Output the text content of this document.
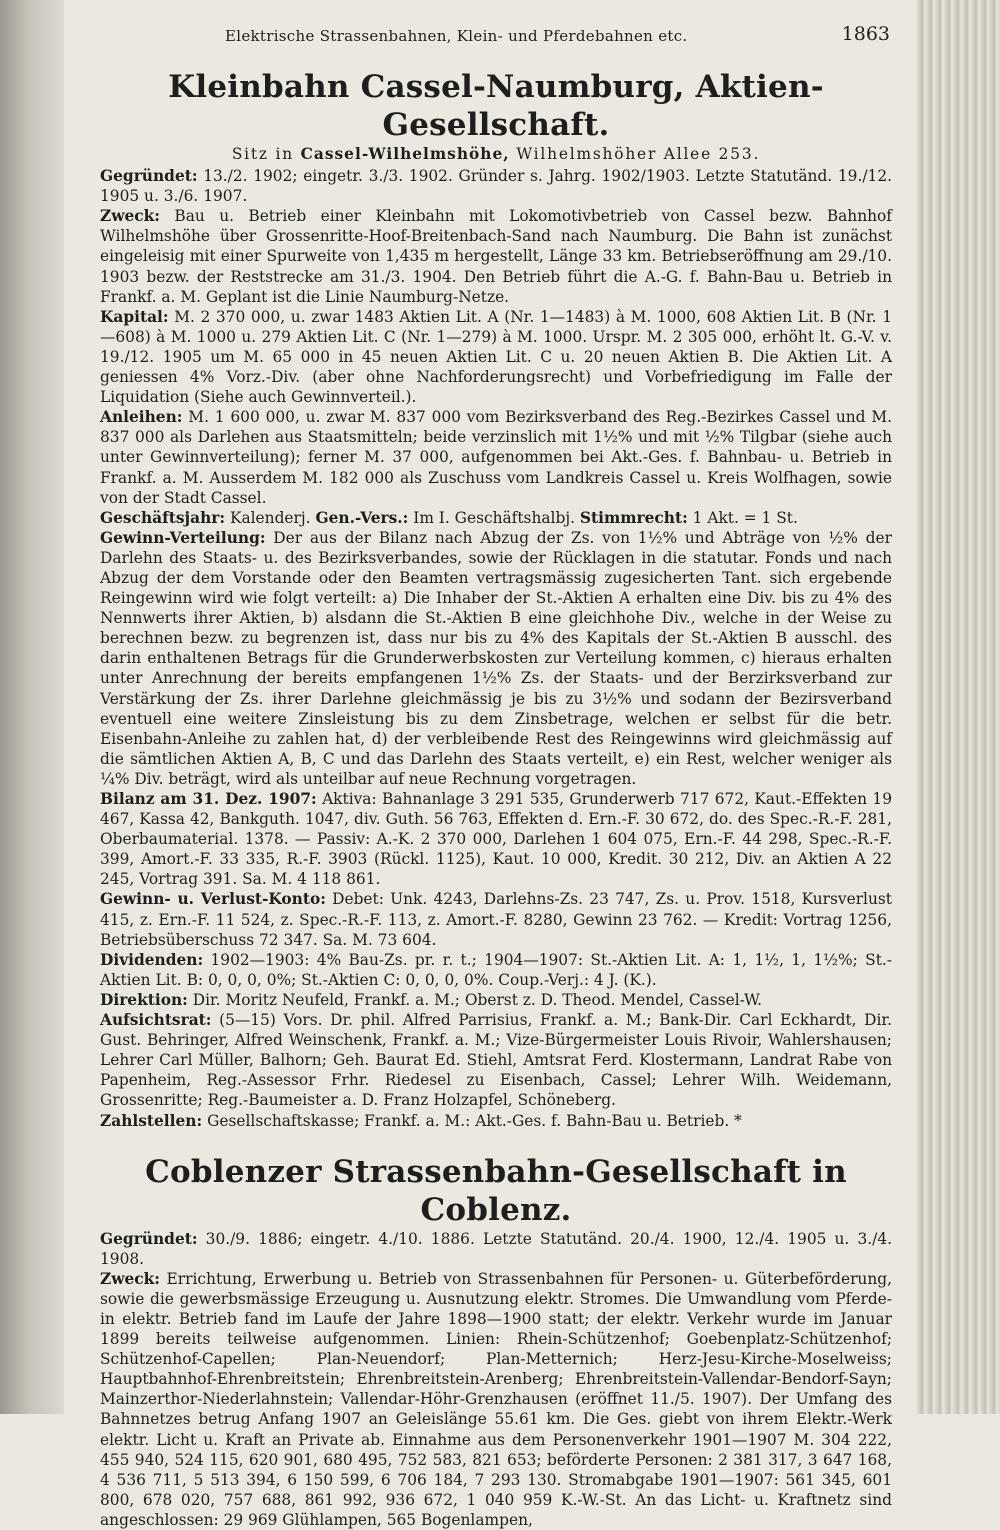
Elektrische Strassenbahnen, Klein- und Pferdebahnen etc.	1863
Kleinbahn Cassel-Naumburg, Aktien-Gesellschaft.
Sitz in Cassel-Wilhelmshöhe, Wilhelmshöher Allee 253.

Gegründet: 13./2. 1902; eingetr. 3./3. 1902. Gründer s. Jahrg. 1902/1903. Letzte Statutänd. 19./12. 1905 u. 3./6. 1907.

Zweck: Bau u. Betrieb einer Kleinbahn mit Lokomotivbetrieb von Cassel bezw. Bahnhof Wilhelmshöhe über Grossenritte-Hoof-Breitenbach-Sand nach Naumburg. Die Bahn ist zunächst eingeleisig mit einer Spurweite von 1,435 m hergestellt, Länge 33 km. Betriebseröffnung am 29./10. 1903 bezw. der Reststrecke am 31./3. 1904. Den Betrieb führt die A.-G. f. Bahn-Bau u. Betrieb in Frankf. a. M. Geplant ist die Linie Naumburg-Netze.

Kapital: M. 2 370 000, u. zwar 1483 Aktien Lit. A (Nr. 1—1483) à M. 1000, 608 Aktien Lit. B (Nr. 1—608) à M. 1000 u. 279 Aktien Lit. C (Nr. 1—279) à M. 1000. Urspr. M. 2 305 000, erhöht lt. G.-V. v. 19./12. 1905 um M. 65 000 in 45 neuen Aktien Lit. C u. 20 neuen Aktien B. Die Aktien Lit. A geniessen 4% Vorz.-Div. (aber ohne Nachforderungsrecht) und Vorbefriedigung im Falle der Liquidation (Siehe auch Gewinnverteil.).

Anleihen: M. 1 600 000, u. zwar M. 837 000 vom Bezirksverband des Reg.-Bezirkes Cassel und M. 837 000 als Darlehen aus Staatsmitteln; beide verzinslich mit 1½% und mit ½% Tilgbar (siehe auch unter Gewinnverteilung); ferner M. 37 000, aufgenommen bei Akt.-Ges. f. Bahnbau- u. Betrieb in Frankf. a. M. Ausserdem M. 182 000 als Zuschuss vom Landkreis Cassel u. Kreis Wolfhagen, sowie von der Stadt Cassel.

Geschäftsjahr: Kalenderj. Gen.-Vers.: Im I. Geschäftshalbj. Stimmrecht: 1 Akt. = 1 St.

Gewinn-Verteilung: Der aus der Bilanz nach Abzug der Zs. von 1½% und Abträge von ½% der Darlehn des Staats- u. des Bezirksverbandes, sowie der Rücklagen in die statutar. Fonds und nach Abzug der dem Vorstande oder den Beamten vertragsmässig zugesicherten Tant. sich ergebende Reingewinn wird wie folgt verteilt: a) Die Inhaber der St.-Aktien A erhalten eine Div. bis zu 4% des Nennwerts ihrer Aktien, b) alsdann die St.-Aktien B eine gleichhohe Div., welche in der Weise zu berechnen bezw. zu begrenzen ist, dass nur bis zu 4% des Kapitals der St.-Aktien B ausschl. des darin enthaltenen Betrags für die Grunderwerbskosten zur Verteilung kommen, c) hieraus erhalten unter Anrechnung der bereits empfangenen 1½% Zs. der Staats- und der Berzirksverband zur Verstärkung der Zs. ihrer Darlehne gleichmässig je bis zu 3½% und sodann der Bezirsverband eventuell eine weitere Zinsleistung bis zu dem Zinsbetrage, welchen er selbst für die betr. Eisenbahn-Anleihe zu zahlen hat, d) der verbleibende Rest des Reingewinns wird gleichmässig auf die sämtlichen Aktien A, B, C und das Darlehn des Staats verteilt, e) ein Rest, welcher weniger als ¼% Div. beträgt, wird als unteilbar auf neue Rechnung vorgetragen.

Bilanz am 31. Dez. 1907: Aktiva: Bahnanlage 3 291 535, Grunderwerb 717 672, Kaut.-Effekten 19 467, Kassa 42, Bankguth. 1047, div. Guth. 56 763, Effekten d. Ern.-F. 30 672, do. des Spec.-R.-F. 281, Oberbaumaterial. 1378. — Passiv: A.-K. 2 370 000, Darlehen 1 604 075, Ern.-F. 44 298, Spec.-R.-F. 399, Amort.-F. 33 335, R.-F. 3903 (Rückl. 1125), Kaut. 10 000, Kredit. 30 212, Div. an Aktien A 22 245, Vortrag 391. Sa. M. 4 118 861.

Gewinn- u. Verlust-Konto: Debet: Unk. 4243, Darlehns-Zs. 23 747, Zs. u. Prov. 1518, Kursverlust 415, z. Ern.-F. 11 524, z. Spec.-R.-F. 113, z. Amort.-F. 8280, Gewinn 23 762. — Kredit: Vortrag 1256, Betriebsüberschuss 72 347. Sa. M. 73 604.

Dividenden: 1902—1903: 4% Bau-Zs. pr. r. t.; 1904—1907: St.-Aktien Lit. A: 1, 1½, 1, 1½%; St.-Aktien Lit. B: 0, 0, 0, 0%; St.-Aktien C: 0, 0, 0, 0%. Coup.-Verj.: 4 J. (K.).

Direktion: Dir. Moritz Neufeld, Frankf. a. M.; Oberst z. D. Theod. Mendel, Cassel-W.

Aufsichtsrat: (5—15) Vors. Dr. phil. Alfred Parrisius, Frankf. a. M.; Bank-Dir. Carl Eckhardt, Dir. Gust. Behringer, Alfred Weinschenk, Frankf. a. M.; Vize-Bürgermeister Louis Rivoir, Wahlershausen; Lehrer Carl Müller, Balhorn; Geh. Baurat Ed. Stiehl, Amtsrat Ferd. Klostermann, Landrat Rabe von Papenheim, Reg.-Assessor Frhr. Riedesel zu Eisenbach, Cassel; Lehrer Wilh. Weidemann, Grossenritte; Reg.-Baumeister a. D. Franz Holzapfel, Schöneberg.

Zahlstellen: Gesellschaftskasse; Frankf. a. M.: Akt.-Ges. f. Bahn-Bau u. Betrieb. *

Coblenzer Strassenbahn-Gesellschaft in Coblenz.

Gegründet: 30./9. 1886; eingetr. 4./10. 1886. Letzte Statutänd. 20./4. 1900, 12./4. 1905 u. 3./4. 1908.

Zweck: Errichtung, Erwerbung u. Betrieb von Strassenbahnen für Personen- u. Güterbeförderung, sowie die gewerbsmässige Erzeugung u. Ausnutzung elektr. Stromes. Die Umwandlung vom Pferde- in elektr. Betrieb fand im Laufe der Jahre 1898—1900 statt; der elektr. Verkehr wurde im Januar 1899 bereits teilweise aufgenommen. Linien: Rhein-Schützenhof; Goebenplatz-Schützenhof; Schützenhof-Capellen; Plan-Neuendorf; Plan-Metternich; Herz-Jesu-Kirche-Moselweiss; Hauptbahnhof-Ehrenbreitstein; Ehrenbreitstein-Arenberg; Ehrenbreitstein-Vallendar-Bendorf-Sayn; Mainzerthor-Niederlahnstein; Vallendar-Höhr-Grenzhausen (eröffnet 11./5. 1907). Der Umfang des Bahnnetzes betrug Anfang 1907 an Geleislänge 55.61 km. Die Ges. giebt von ihrem Elektr.-Werk elektr. Licht u. Kraft an Private ab. Einnahme aus dem Personenverkehr 1901—1907 M. 304 222, 455 940, 524 115, 620 901, 680 495, 752 583, 821 653; beförderte Personen: 2 381 317, 3 647 168, 4 536 711, 5 513 394, 6 150 599, 6 706 184, 7 293 130. Stromabgabe 1901—1907: 561 345, 601 800, 678 020, 757 688, 861 992, 936 672, 1 040 959 K.-W.-St. An das Licht- u. Kraftnetz sind angeschlossen: 29 969 Glühlampen, 565 Bogenlampen,
